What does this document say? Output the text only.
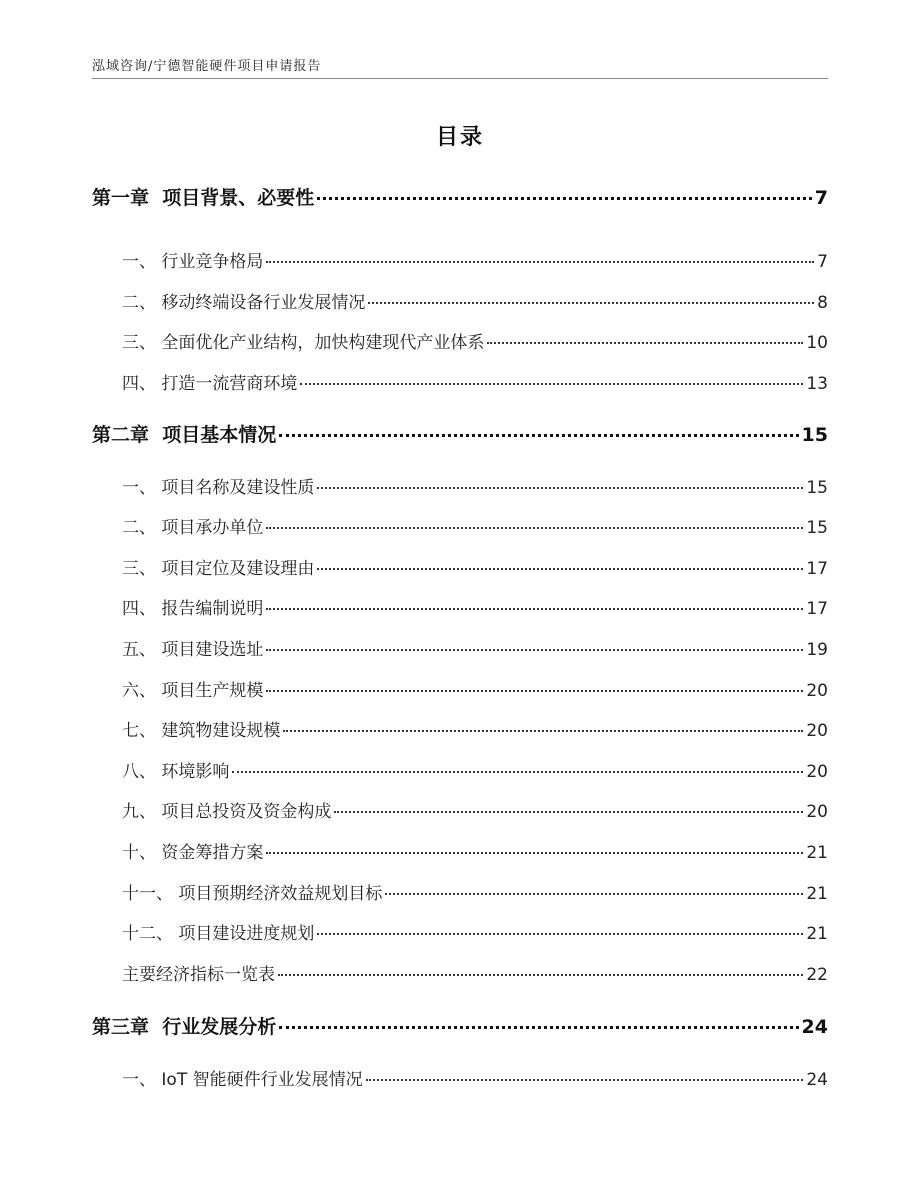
泓域咨询/宁德智能硬件项目申请报告
目录
第一章  项目背景、必要性	7
一、 行业竞争格局	7
二、 移动终端设备行业发展情况	8
三、 全面优化产业结构，加快构建现代产业体系	10
四、 打造一流营商环境	13
第二章  项目基本情况	15
一、 项目名称及建设性质	15
二、 项目承办单位	15
三、 项目定位及建设理由	17
四、 报告编制说明	17
五、 项目建设选址	19
六、 项目生产规模	20
七、 建筑物建设规模	20
八、 环境影响	20
九、 项目总投资及资金构成	20
十、 资金筹措方案	21
十一、 项目预期经济效益规划目标	21
十二、 项目建设进度规划	21
主要经济指标一览表	22
第三章  行业发展分析	24
一、 IoT 智能硬件行业发展情况	24
